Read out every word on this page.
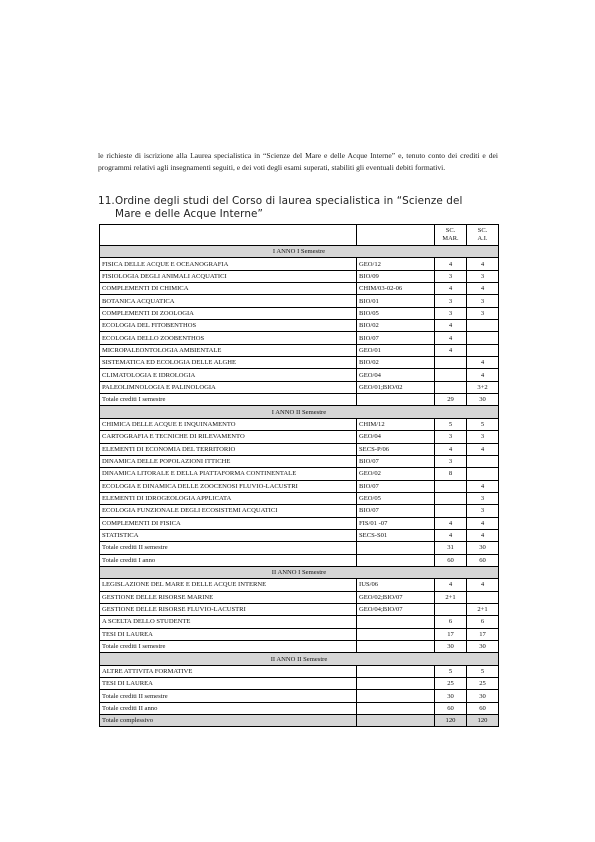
le richieste di iscrizione alla Laurea specialistica in “Scienze del Mare e delle Acque Interne” e, tenuto conto dei crediti e dei programmi relativi agli insegnamenti seguiti, e dei voti degli esami superati, stabiliti gli eventuali debiti formativi.
11.Ordine degli studi del Corso di laurea specialistica in “Scienze del
Mare e delle Acque Interne”
		SC.
MAR.	SC.
A.I.
I ANNO I Semestre			
FISICA DELLE ACQUE E OCEANOGRAFIA	GEO/12	4	4
FISIOLOGIA DEGLI ANIMALI ACQUATICI	BIO/09	3	3
COMPLEMENTI DI CHIMICA	CHIM/03-02-06	4	4
BOTANICA ACQUATICA	BIO/01	3	3
COMPLEMENTI DI ZOOLOGIA	BIO/05	3	3
ECOLOGIA DEL FITOBENTHOS	BIO/02	4	
ECOLOGIA DELLO ZOOBENTHOS	BIO/07	4	
MICROPALEONTOLOGIA AMBIENTALE	GEO/01	4	
SISTEMATICA ED ECOLOGIA DELLE ALGHE	BIO/02		4
CLIMATOLOGIA E IDROLOGIA	GEO/04		4
PALEOLIMNOLOGIA E PALINOLOGIA	GEO/01;BIO/02		3+2
Totale crediti I semestre		29	30
I ANNO II Semestre			
CHIMICA DELLE ACQUE E INQUINAMENTO	CHIM/12	5	5
CARTOGRAFIA E TECNICHE DI RILEVAMENTO	GEO/04	3	3
ELEMENTI DI ECONOMIA DEL TERRITORIO	SECS-P/06	4	4
DINAMICA DELLE POPOLAZIONI ITTICHE	BIO/07	3	
DINAMICA LITORALE E DELLA PIATTAFORMA CONTINENTALE	GEO/02	8	
ECOLOGIA E DINAMICA DELLE ZOOCENOSI FLUVIO-LACUSTRI	BIO/07		4
ELEMENTI DI IDROGEOLOGIA APPLICATA	GEO/05		3
ECOLOGIA FUNZIONALE DEGLI ECOSISTEMI ACQUATICI	BIO/07		3
COMPLEMENTI DI FISICA	FIS/01 -07	4	4
STATISTICA	SECS-S01	4	4
Totale crediti II semestre		31	30
Totale crediti I anno		60	60
II ANNO I Semestre			
LEGISLAZIONE DEL MARE E DELLE ACQUE INTERNE	IUS/06	4	4
GESTIONE DELLE RISORSE MARINE	GEO/02;BIO/07	2+1	
GESTIONE DELLE RISORSE FLUVIO-LACUSTRI	GEO/04;BIO/07		2+1
A SCELTA DELLO STUDENTE		6	6
TESI DI LAUREA		17	17
Totale crediti I semestre		30	30
II ANNO II Semestre			
ALTRE ATTIVITA FORMATIVE		5	5
TESI DI LAUREA		25	25
Totale crediti II semestre		30	30
Totale crediti II anno		60	60
Totale complessivo		120	120
